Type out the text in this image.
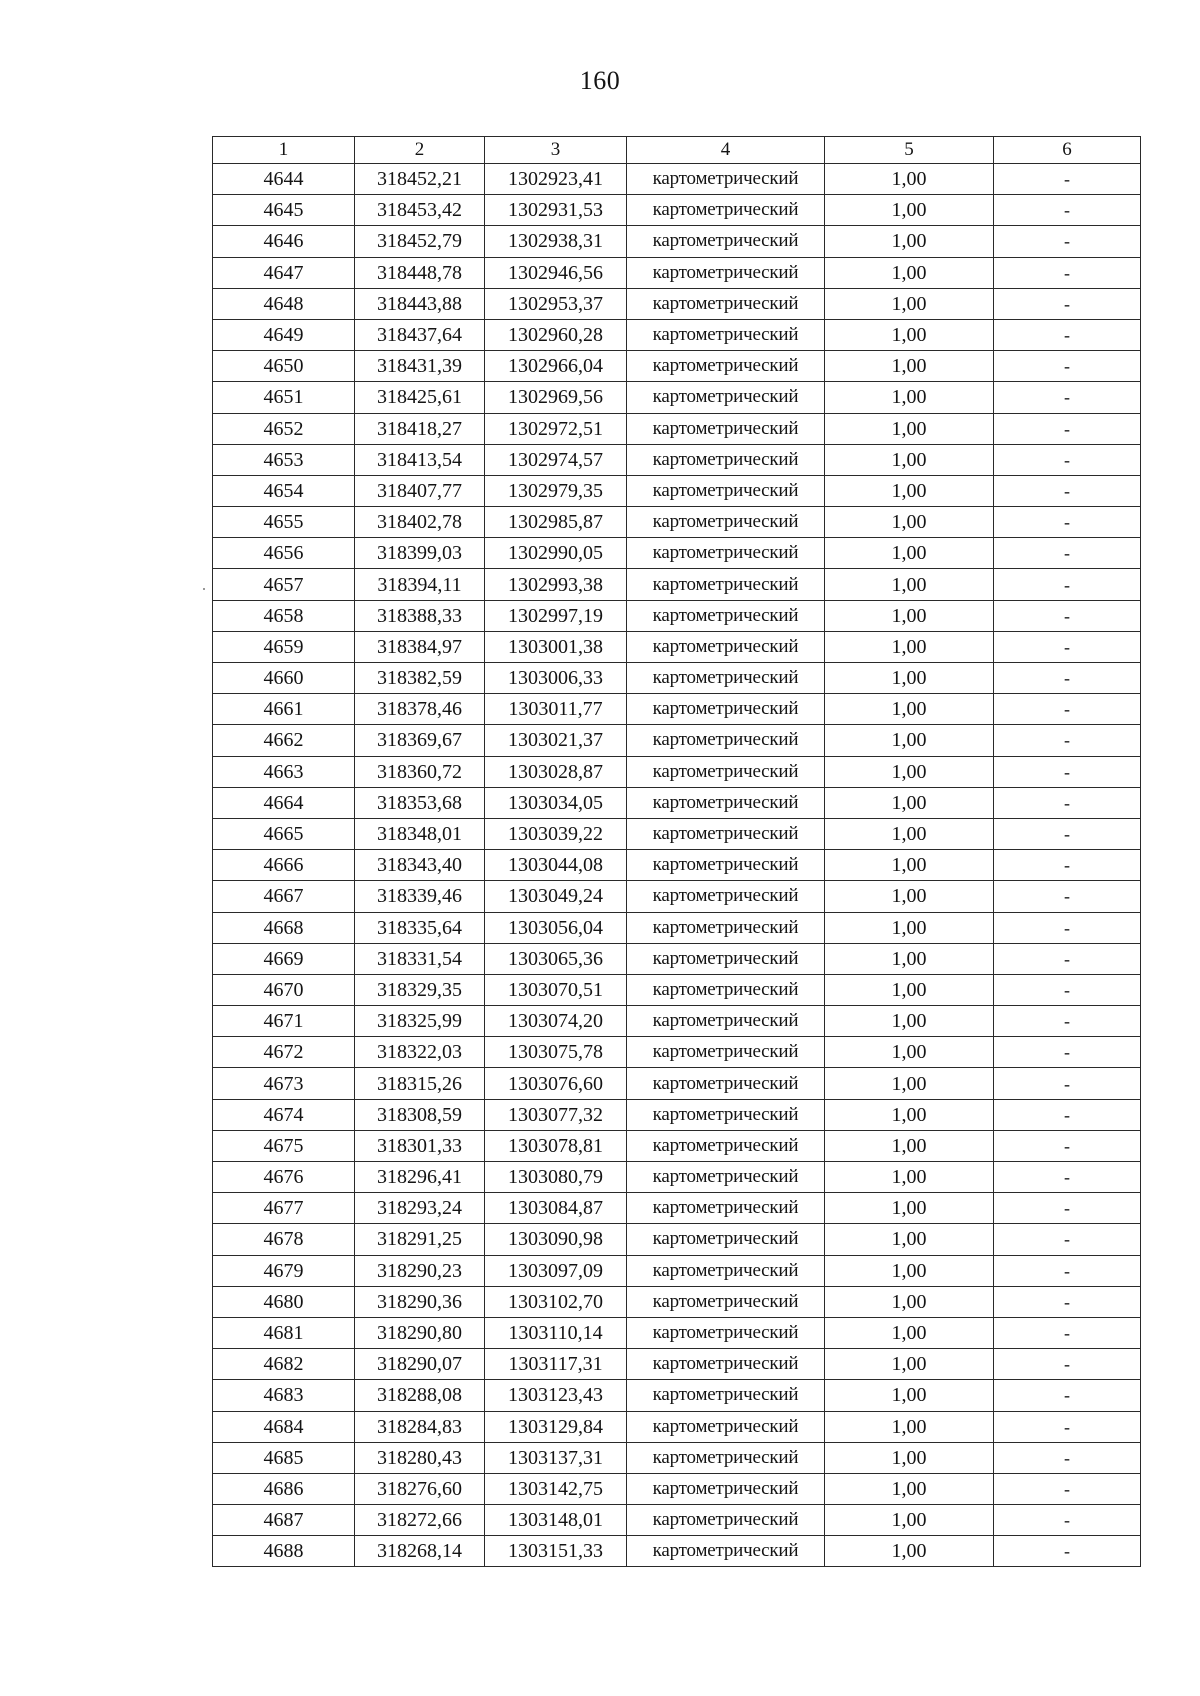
160
1	2	3	4	5	6
4644	318452,21	1302923,41	картометрический	1,00	-
4645	318453,42	1302931,53	картометрический	1,00	-
4646	318452,79	1302938,31	картометрический	1,00	-
4647	318448,78	1302946,56	картометрический	1,00	-
4648	318443,88	1302953,37	картометрический	1,00	-
4649	318437,64	1302960,28	картометрический	1,00	-
4650	318431,39	1302966,04	картометрический	1,00	-
4651	318425,61	1302969,56	картометрический	1,00	-
4652	318418,27	1302972,51	картометрический	1,00	-
4653	318413,54	1302974,57	картометрический	1,00	-
4654	318407,77	1302979,35	картометрический	1,00	-
4655	318402,78	1302985,87	картометрический	1,00	-
4656	318399,03	1302990,05	картометрический	1,00	-
4657	318394,11	1302993,38	картометрический	1,00	-
4658	318388,33	1302997,19	картометрический	1,00	-
4659	318384,97	1303001,38	картометрический	1,00	-
4660	318382,59	1303006,33	картометрический	1,00	-
4661	318378,46	1303011,77	картометрический	1,00	-
4662	318369,67	1303021,37	картометрический	1,00	-
4663	318360,72	1303028,87	картометрический	1,00	-
4664	318353,68	1303034,05	картометрический	1,00	-
4665	318348,01	1303039,22	картометрический	1,00	-
4666	318343,40	1303044,08	картометрический	1,00	-
4667	318339,46	1303049,24	картометрический	1,00	-
4668	318335,64	1303056,04	картометрический	1,00	-
4669	318331,54	1303065,36	картометрический	1,00	-
4670	318329,35	1303070,51	картометрический	1,00	-
4671	318325,99	1303074,20	картометрический	1,00	-
4672	318322,03	1303075,78	картометрический	1,00	-
4673	318315,26	1303076,60	картометрический	1,00	-
4674	318308,59	1303077,32	картометрический	1,00	-
4675	318301,33	1303078,81	картометрический	1,00	-
4676	318296,41	1303080,79	картометрический	1,00	-
4677	318293,24	1303084,87	картометрический	1,00	-
4678	318291,25	1303090,98	картометрический	1,00	-
4679	318290,23	1303097,09	картометрический	1,00	-
4680	318290,36	1303102,70	картометрический	1,00	-
4681	318290,80	1303110,14	картометрический	1,00	-
4682	318290,07	1303117,31	картометрический	1,00	-
4683	318288,08	1303123,43	картометрический	1,00	-
4684	318284,83	1303129,84	картометрический	1,00	-
4685	318280,43	1303137,31	картометрический	1,00	-
4686	318276,60	1303142,75	картометрический	1,00	-
4687	318272,66	1303148,01	картометрический	1,00	-
4688	318268,14	1303151,33	картометрический	1,00	-
